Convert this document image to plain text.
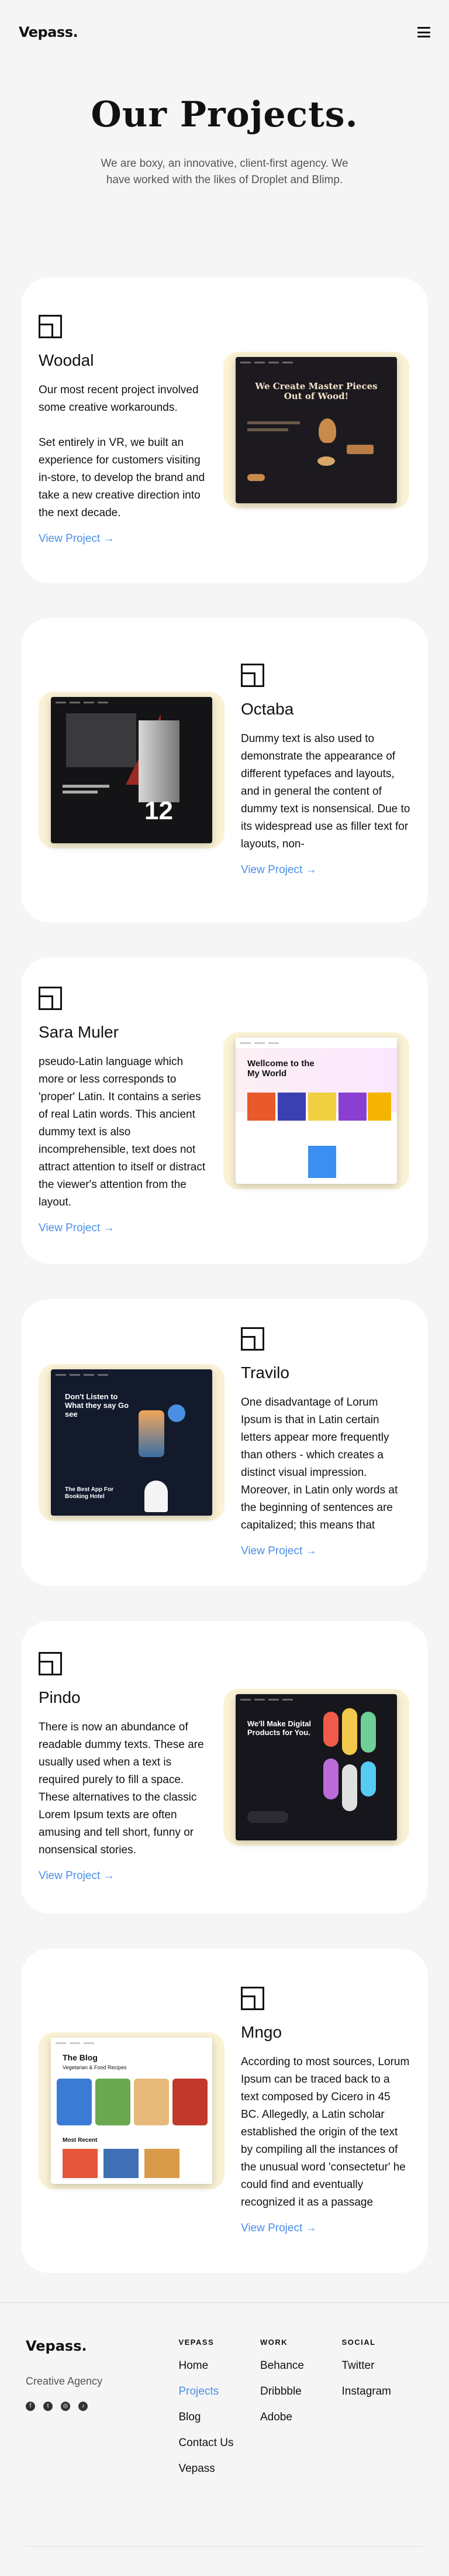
Vepass.
Our Projects.

We are boxy, an innovative, client-first agency. We have worked with the likes of Droplet and Blimp.

Woodal

Our most recent project involved some creative workarounds.

Set entirely in VR, we built an experience for customers visiting in-store, to develop the brand and take a new creative direction into the next decade.

View Project →
We Create Master Pieces Out of Wood!
Octaba

Dummy text is also used to demonstrate the appearance of different typefaces and layouts, and in general the content of dummy text is nonsensical. Due to its widespread use as filler text for layouts, non-

View Project →
12
Sara Muler

pseudo-Latin language which more or less corresponds to 'proper' Latin. It contains a series of real Latin words. This ancient dummy text is also incomprehensible, text does not attract attention to itself or distract the viewer's attention from the layout.

View Project →
Wellcome to the My World
Travilo

One disadvantage of Lorum Ipsum is that in Latin certain letters appear more frequently than others - which creates a distinct visual impression. Moreover, in Latin only words at the beginning of sentences are capitalized; this means that

View Project →
Don't Listen to What they say Go see
The Best App For Booking Hotel
Pindo

There is now an abundance of readable dummy texts. These are usually used when a text is required purely to fill a space. These alternatives to the classic Lorem Ipsum texts are often amusing and tell short, funny or nonsensical stories.

View Project →
We'll Make Digital Products for You.
Mngo

According to most sources, Lorum Ipsum can be traced back to a text composed by Cicero in 45 BC. Allegedly, a Latin scholar established the origin of the text by compiling all the instances of the unusual word 'consectetur' he could find and eventually recognized it as a passage

View Project →
The Blog
Vegetarian & Food Recipes
Most Recent
Vepass.
Creative Agency
f	t	◎	♪
VEPASS
Home
Projects
Blog
Contact Us
Vepass
WORK
Behance
Dribbble
Adobe
SOCIAL
Twitter
Instagram
